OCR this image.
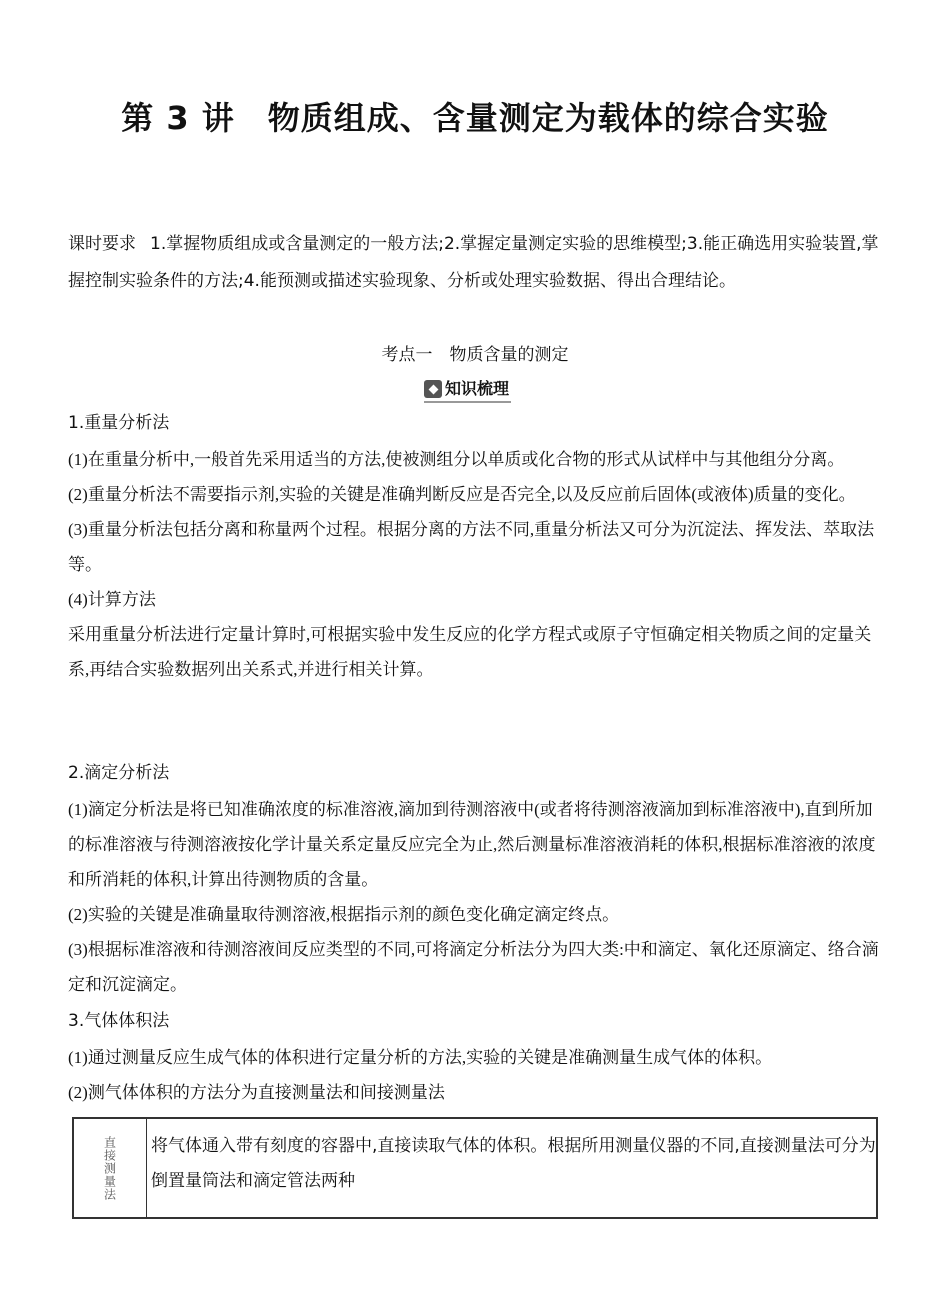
第 3 讲　物质组成、含量测定为载体的综合实验

课时要求 1.掌握物质组成或含量测定的一般方法;2.掌握定量测定实验的思维模型;3.能正确选用实验装置,掌握控制实验条件的方法;4.能预测或描述实验现象、分析或处理实验数据、得出合理结论。

考点一　物质含量的测定

知识梳理

1.重量分析法

(1)在重量分析中,一般首先采用适当的方法,使被测组分以单质或化合物的形式从试样中与其他组分分离。

(2)重量分析法不需要指示剂,实验的关键是准确判断反应是否完全,以及反应前后固体(或液体)质量的变化。

(3)重量分析法包括分离和称量两个过程。根据分离的方法不同,重量分析法又可分为沉淀法、挥发法、萃取法等。

(4)计算方法

采用重量分析法进行定量计算时,可根据实验中发生反应的化学方程式或原子守恒确定相关物质之间的定量关系,再结合实验数据列出关系式,并进行相关计算。

2.滴定分析法

(1)滴定分析法是将已知准确浓度的标准溶液,滴加到待测溶液中(或者将待测溶液滴加到标准溶液中),直到所加的标准溶液与待测溶液按化学计量关系定量反应完全为止,然后测量标准溶液消耗的体积,根据标准溶液的浓度和所消耗的体积,计算出待测物质的含量。

(2)实验的关键是准确量取待测溶液,根据指示剂的颜色变化确定滴定终点。

(3)根据标准溶液和待测溶液间反应类型的不同,可将滴定分析法分为四大类:中和滴定、氧化还原滴定、络合滴定和沉淀滴定。

3.气体体积法

(1)通过测量反应生成气体的体积进行定量分析的方法,实验的关键是准确测量生成气体的体积。

(2)测气体体积的方法分为直接测量法和间接测量法

直接测量法 将气体通入带有刻度的容器中,直接读取气体的体积。根据所用测量仪器的不同,直接测量法可分为倒置量筒法和滴定管法两种
